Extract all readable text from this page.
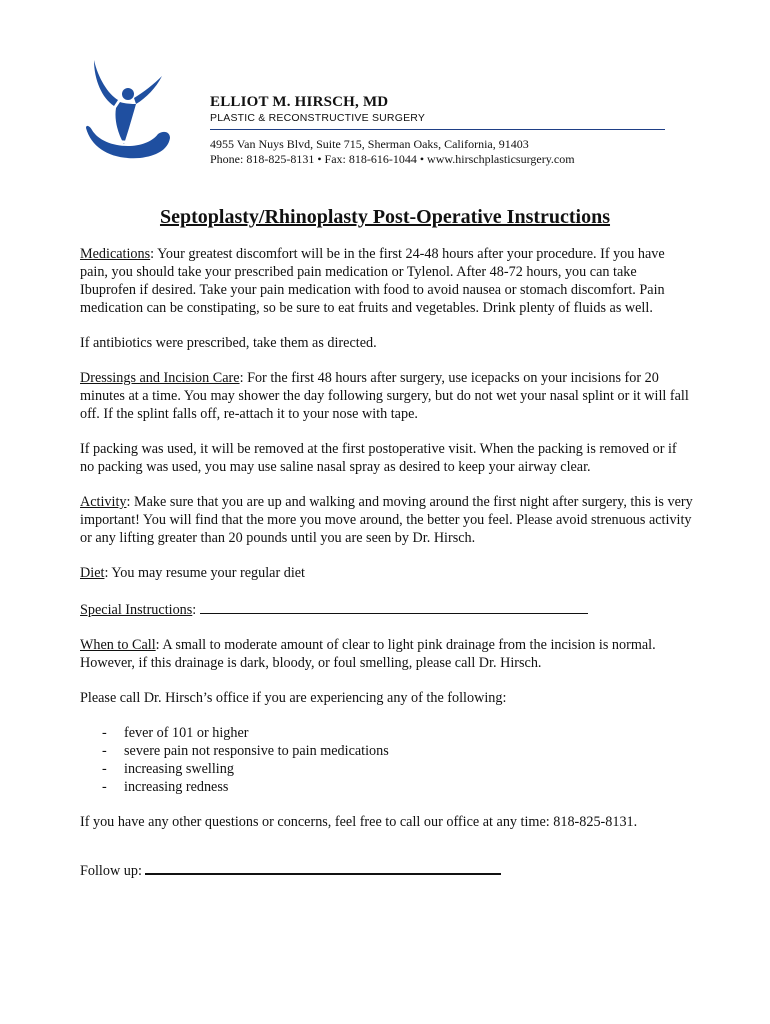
ELLIOT M. HIRSCH, MD
PLASTIC & RECONSTRUCTIVE SURGERY
4955 Van Nuys Blvd, Suite 715, Sherman Oaks, California, 91403
Phone: 818-825-8131 • Fax: 818-616-1044 • www.hirschplasticsurgery.com
Septoplasty/Rhinoplasty Post-Operative Instructions

Medications: Your greatest discomfort will be in the first 24-48 hours after your procedure. If you have pain, you should take your prescribed pain medication or Tylenol. After 48-72 hours, you can take Ibuprofen if desired. Take your pain medication with food to avoid nausea or stomach discomfort. Pain medication can be constipating, so be sure to eat fruits and vegetables. Drink plenty of fluids as well.

If antibiotics were prescribed, take them as directed.

Dressings and Incision Care: For the first 48 hours after surgery, use icepacks on your incisions for 20 minutes at a time. You may shower the day following surgery, but do not wet your nasal splint or it will fall off. If the splint falls off, re-attach it to your nose with tape.

If packing was used, it will be removed at the first postoperative visit. When the packing is removed or if no packing was used, you may use saline nasal spray as desired to keep your airway clear.

Activity: Make sure that you are up and walking and moving around the first night after surgery, this is very important! You will find that the more you move around, the better you feel. Please avoid strenuous activity or any lifting greater than 20 pounds until you are seen by Dr. Hirsch.

Diet: You may resume your regular diet

Special Instructions:

When to Call: A small to moderate amount of clear to light pink drainage from the incision is normal. However, if this drainage is dark, bloody, or foul smelling, please call Dr. Hirsch.

Please call Dr. Hirsch’s office if you are experiencing any of the following:

- fever of 101 or higher
- severe pain not responsive to pain medications
- increasing swelling
- increasing redness

If you have any other questions or concerns, feel free to call our office at any time: 818-825-8131.

Follow up:
